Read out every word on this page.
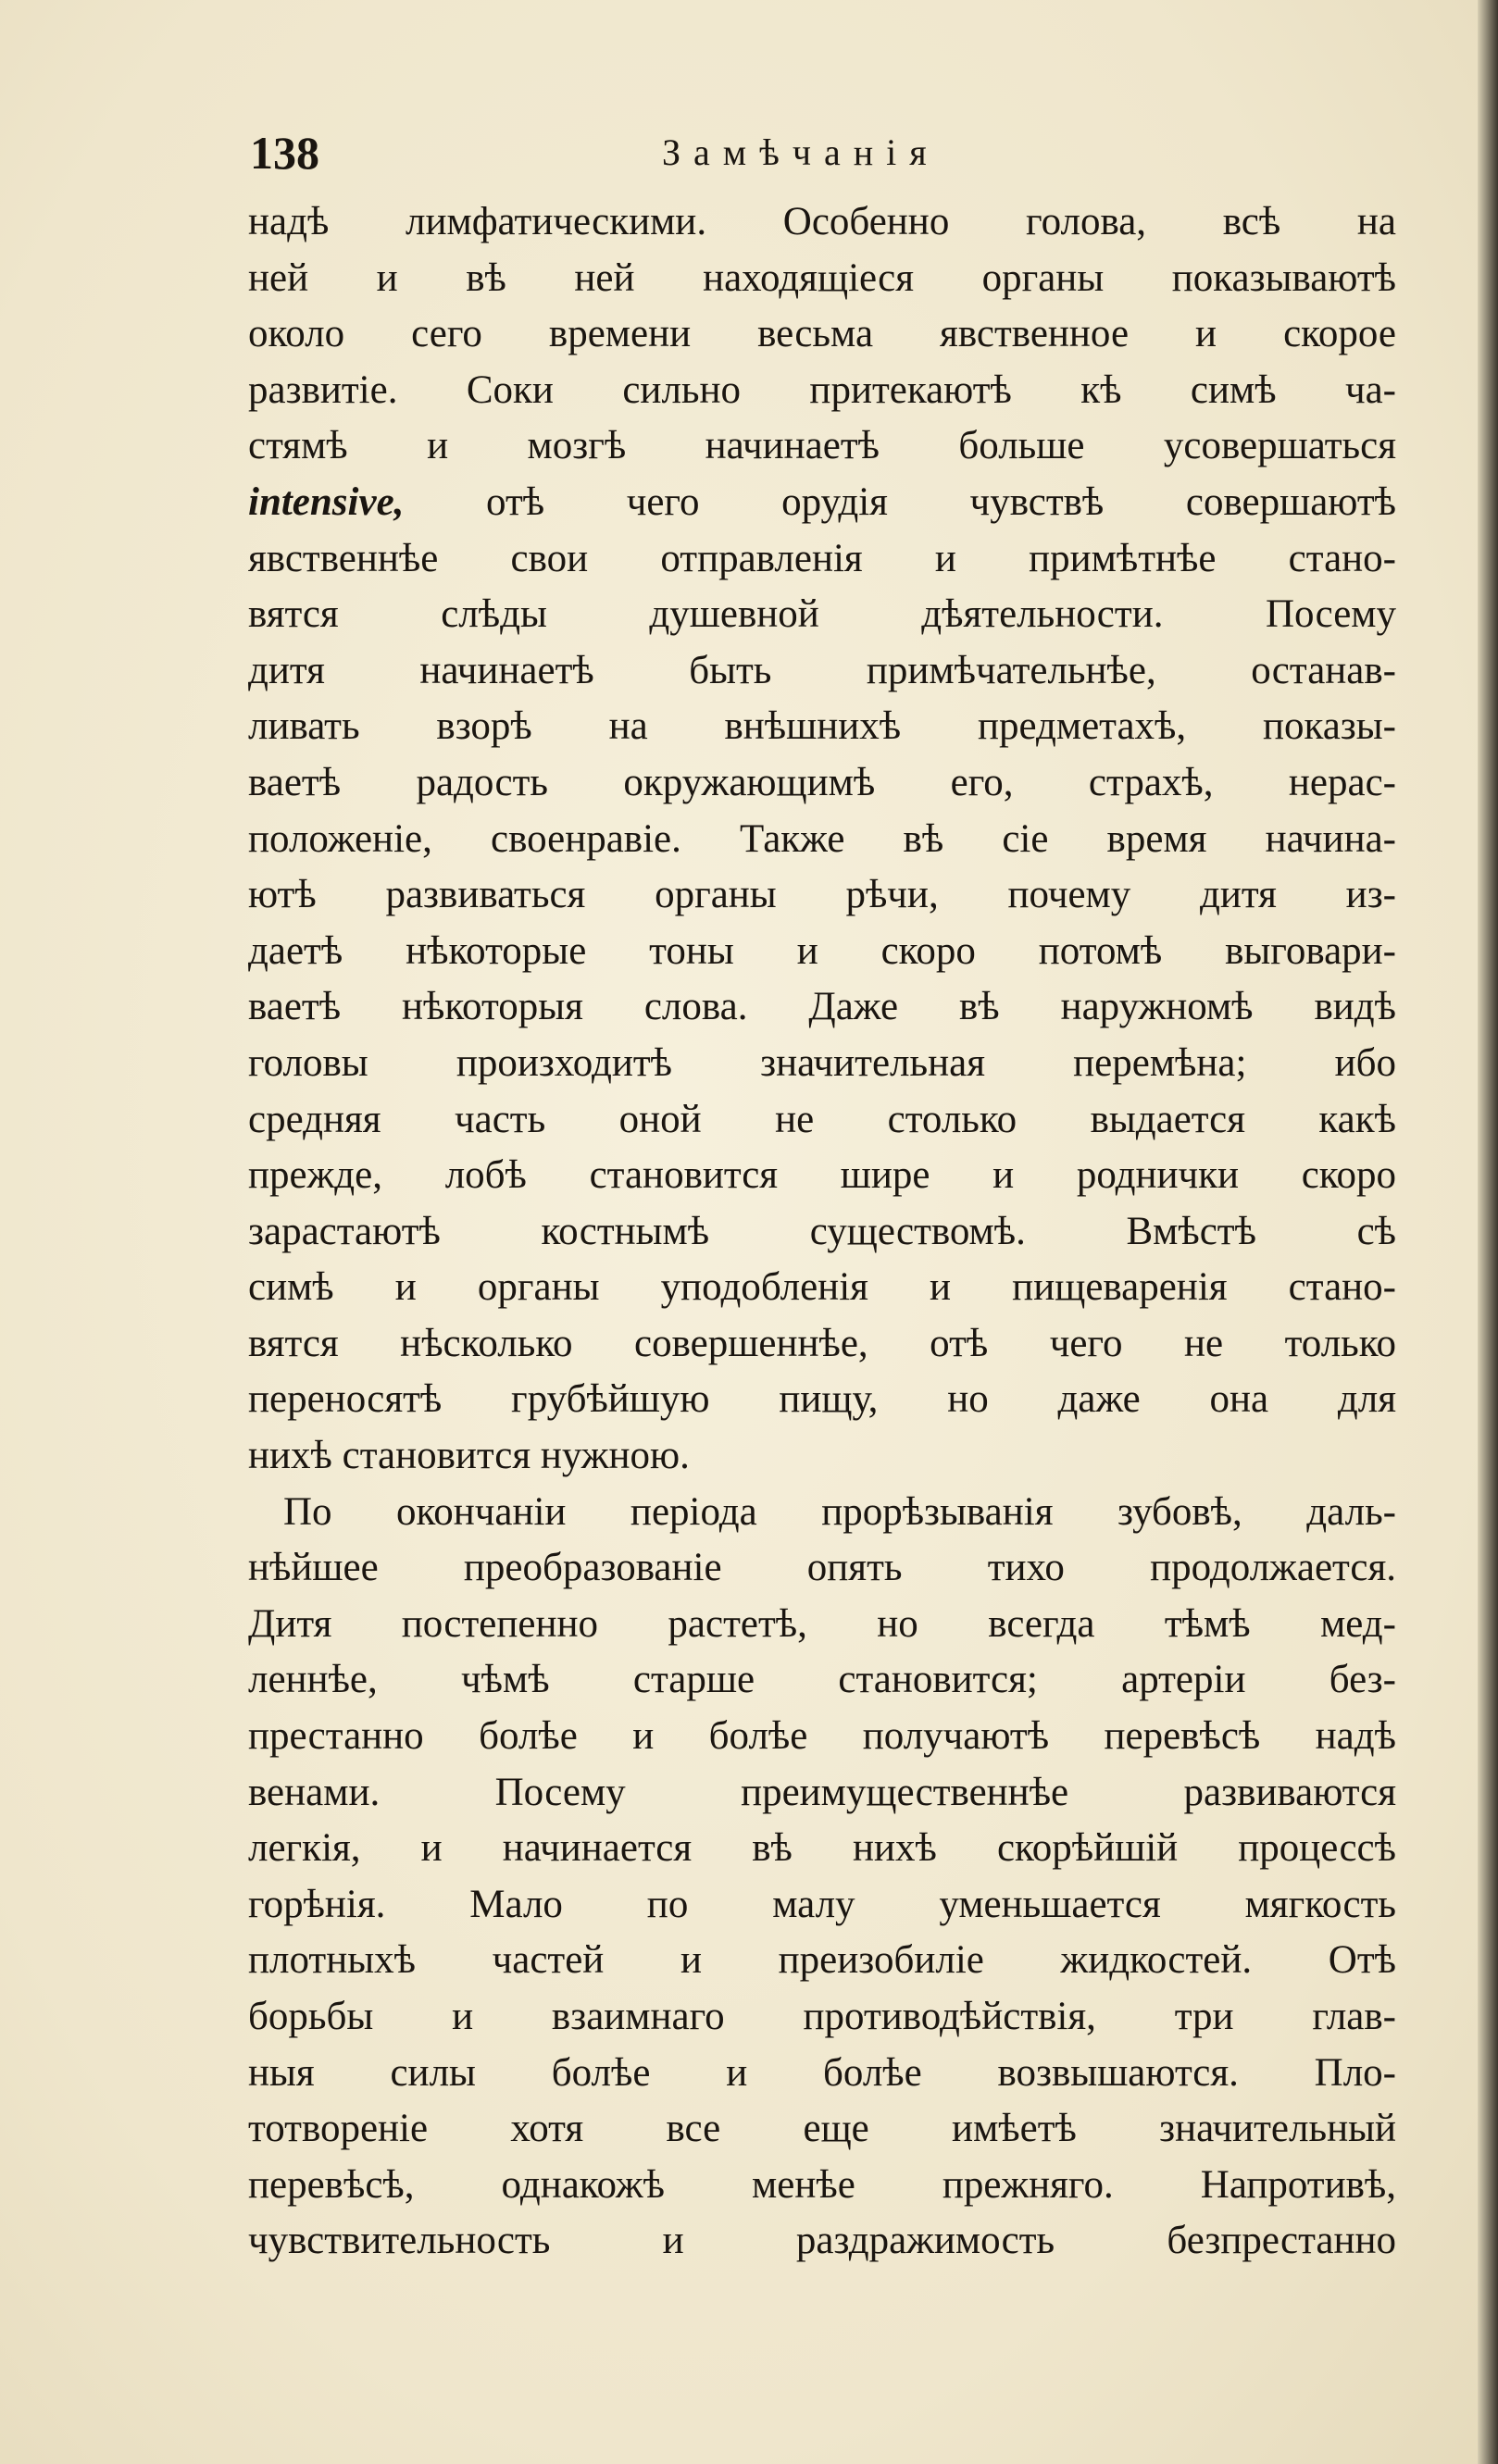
138	Замѣчанія
надѣ лимфатическими. Особенно голова, всѣ на
ней и вѣ ней находящіеся органы показываютѣ
около сего времени весьма явственное и скорое
развитіе. Соки сильно притекаютѣ кѣ симѣ ча-
стямѣ и мозгѣ начинаетѣ больше усовершаться
intensive, отѣ чего орудія чувствѣ совершаютѣ
явственнѣе свои отправленія и примѣтнѣе стано-
вятся слѣды душевной дѣятельности. Посему
дитя начинаетѣ быть примѣчательнѣе, останав-
ливать взорѣ на внѣшнихѣ предметахѣ, показы-
ваетѣ радость окружающимѣ его, страхѣ, нерас-
положеніе, своенравіе. Также вѣ сіе время начина-
ютѣ развиваться органы рѣчи, почему дитя из-
даетѣ нѣкоторые тоны и скоро потомѣ выговари-
ваетѣ нѣкоторыя слова. Даже вѣ наружномѣ видѣ
головы произходитѣ значительная перемѣна; ибо
средняя часть оной не столько выдается какѣ
прежде, лобѣ становится шире и роднички скоро
зарастаютѣ костнымѣ существомѣ. Вмѣстѣ сѣ
симѣ и органы уподобленія и пищеваренія стано-
вятся нѣсколько совершеннѣе, отѣ чего не только
переносятѣ грубѣйшую пищу, но даже она для
нихѣ становится нужною.
По окончаніи періода прорѣзыванія зубовѣ, даль-
нѣйшее преобразованіе опять тихо продолжается.
Дитя постепенно растетѣ, но всегда тѣмѣ мед-
леннѣе, чѣмѣ старше становится; артеріи без-
престанно болѣе и болѣе получаютѣ перевѣсѣ надѣ
венами. Посему преимущественнѣе развиваются
легкія, и начинается вѣ нихѣ скорѣйшій процессѣ
горѣнія. Мало по малу уменьшается мягкость
плотныхѣ частей и преизобиліе жидкостей. Отѣ
борьбы и взаимнаго противодѣйствія, три глав-
ныя силы болѣе и болѣе возвышаются. Пло-
тотвореніе хотя все еще имѣетѣ значительный
перевѣсѣ, однакожѣ менѣе прежняго. Напротивѣ,
чувствительность и раздражимость безпрестанно
